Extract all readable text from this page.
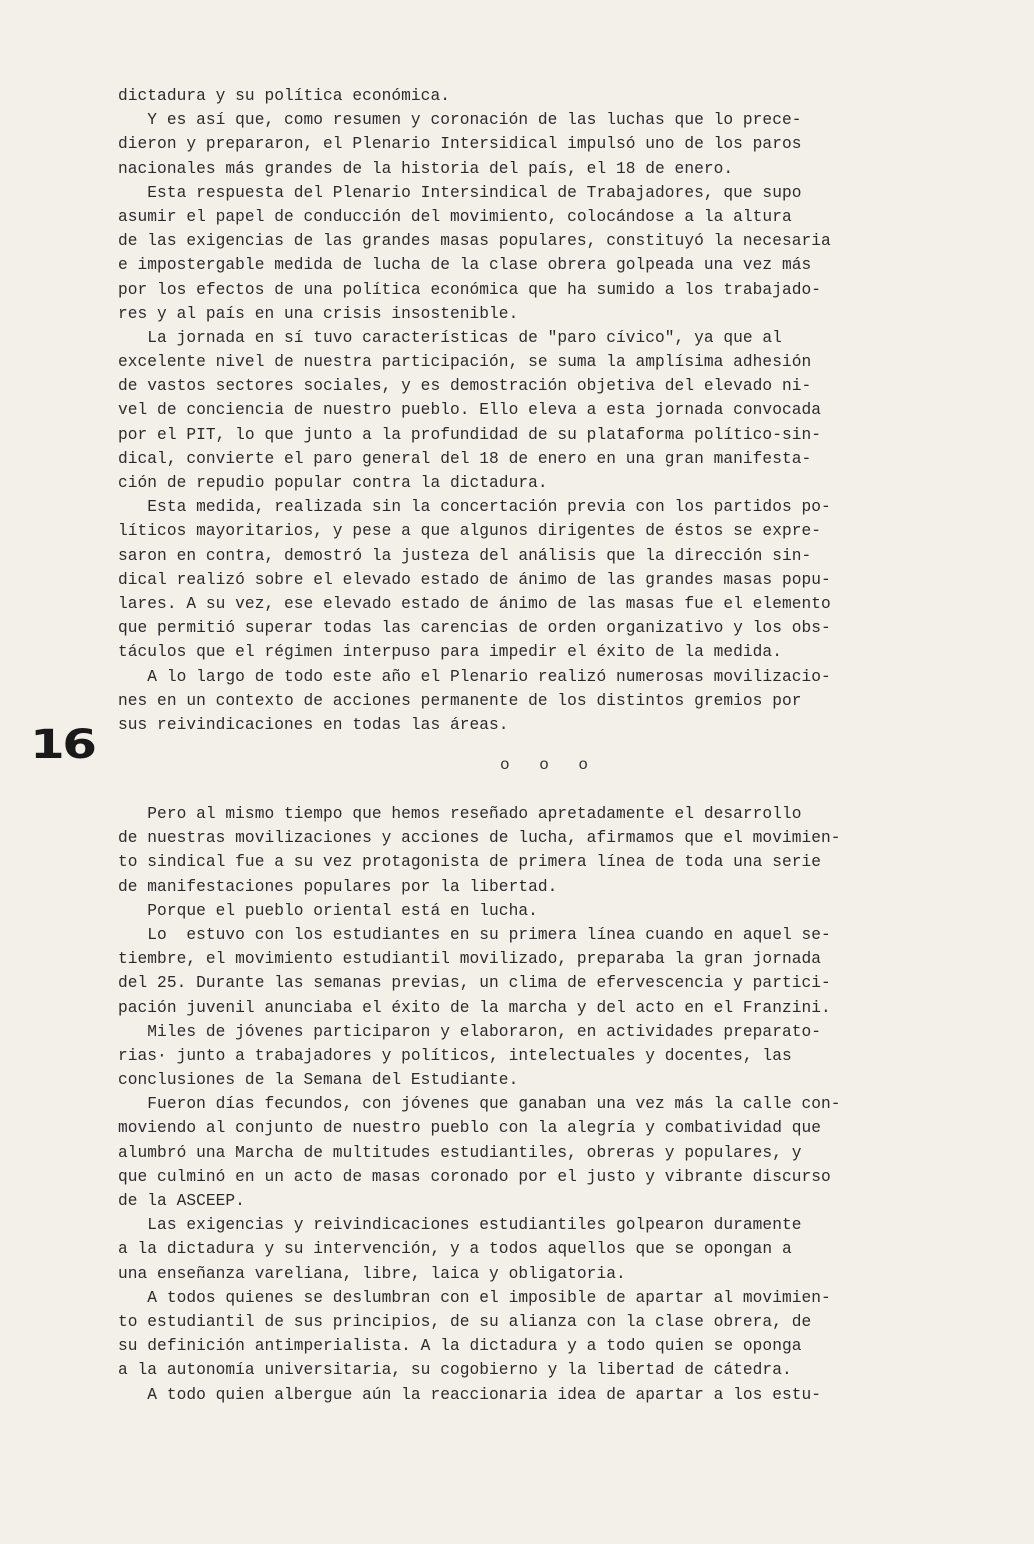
dictadura y su política económica.
Y es así que, como resumen y coronación de las luchas que lo prece-
dieron y prepararon, el Plenario Intersidical impulsó uno de los paros
nacionales más grandes de la historia del país, el 18 de enero.
Esta respuesta del Plenario Intersindical de Trabajadores, que supo
asumir el papel de conducción del movimiento, colocándose a la altura
de las exigencias de las grandes masas populares, constituyó la necesaria
e impostergable medida de lucha de la clase obrera golpeada una vez más
por los efectos de una política económica que ha sumido a los trabajado-
res y al país en una crisis insostenible.
La jornada en sí tuvo características de "paro cívico", ya que al
excelente nivel de nuestra participación, se suma la amplísima adhesión
de vastos sectores sociales, y es demostración objetiva del elevado ni-
vel de conciencia de nuestro pueblo. Ello eleva a esta jornada convocada
por el PIT, lo que junto a la profundidad de su plataforma político-sin-
dical, convierte el paro general del 18 de enero en una gran manifesta-
ción de repudio popular contra la dictadura.
Esta medida, realizada sin la concertación previa con los partidos po-
líticos mayoritarios, y pese a que algunos dirigentes de éstos se expre-
saron en contra, demostró la justeza del análisis que la dirección sin-
dical realizó sobre el elevado estado de ánimo de las grandes masas popu-
lares. A su vez, ese elevado estado de ánimo de las masas fue el elemento
que permitió superar todas las carencias de orden organizativo y los obs-
táculos que el régimen interpuso para impedir el éxito de la medida.
A lo largo de todo este año el Plenario realizó numerosas movilizacio-
nes en un contexto de acciones permanente de los distintos gremios por
sus reivindicaciones en todas las áreas.
16	o o o
Pero al mismo tiempo que hemos reseñado apretadamente el desarrollo
de nuestras movilizaciones y acciones de lucha, afirmamos que el movimien-
to sindical fue a su vez protagonista de primera línea de toda una serie
de manifestaciones populares por la libertad.
Porque el pueblo oriental está en lucha.
Lo  estuvo con los estudiantes en su primera línea cuando en aquel se-
tiembre, el movimiento estudiantil movilizado, preparaba la gran jornada
del 25. Durante las semanas previas, un clima de efervescencia y partici-
pación juvenil anunciaba el éxito de la marcha y del acto en el Franzini.
Miles de jóvenes participaron y elaboraron, en actividades preparato-
rias· junto a trabajadores y políticos, intelectuales y docentes, las
conclusiones de la Semana del Estudiante.
Fueron días fecundos, con jóvenes que ganaban una vez más la calle con-
moviendo al conjunto de nuestro pueblo con la alegría y combatividad que
alumbró una Marcha de multitudes estudiantiles, obreras y populares, y
que culminó en un acto de masas coronado por el justo y vibrante discurso
de la ASCEEP.
Las exigencias y reivindicaciones estudiantiles golpearon duramente
a la dictadura y su intervención, y a todos aquellos que se opongan a
una enseñanza vareliana, libre, laica y obligatoria.
A todos quienes se deslumbran con el imposible de apartar al movimien-
to estudiantil de sus principios, de su alianza con la clase obrera, de
su definición antimperialista. A la dictadura y a todo quien se oponga
a la autonomía universitaria, su cogobierno y la libertad de cátedra.
A todo quien albergue aún la reaccionaria idea de apartar a los estu-
